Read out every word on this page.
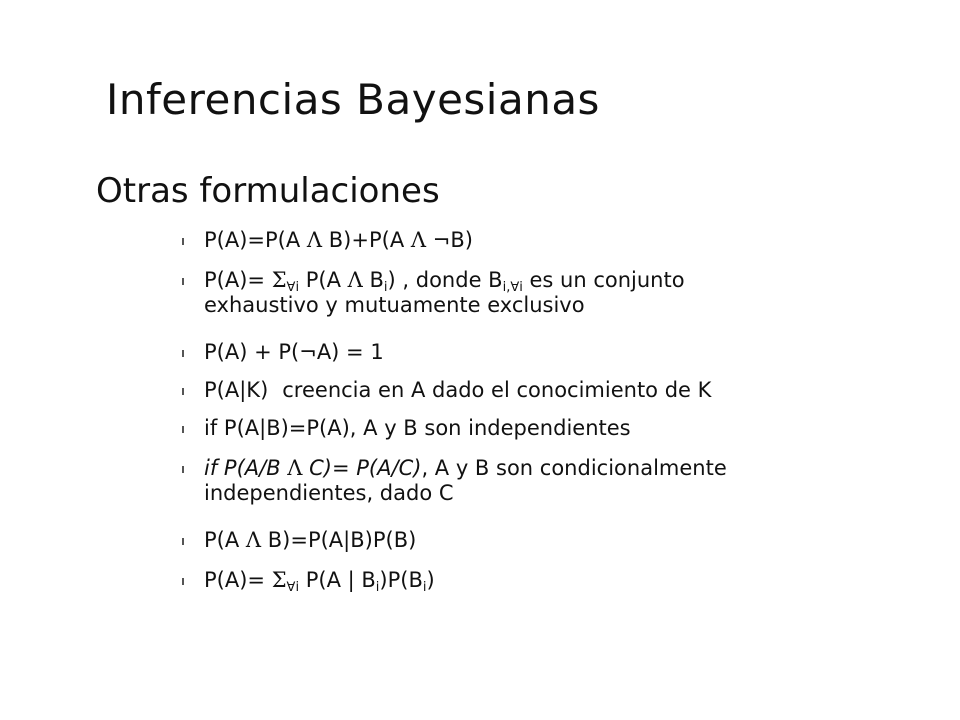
Inferencias Bayesianas
Otras formulaciones
P(A)=P(A Λ B)+P(A Λ ¬B)
$P(A)= \Sigma_{\forall i}$ P(A Λ $B_i$) , donde $B_{i,\forall i}$ es un conjunto
exhaustivo y mutuamente exclusivo
P(A) + P(¬A) = 1
P(A|K) creencia en A dado el conocimiento de K
if P(A|B)=P(A), A y B son independientes
if P(A/B Λ C)= P(A/C), A y B son condicionalmente
independientes, dado C
P(A Λ B)=P(A|B)P(B)
$P(A)= \Sigma_{\forall i}$ P(A | $B_i)P(B_i)$
